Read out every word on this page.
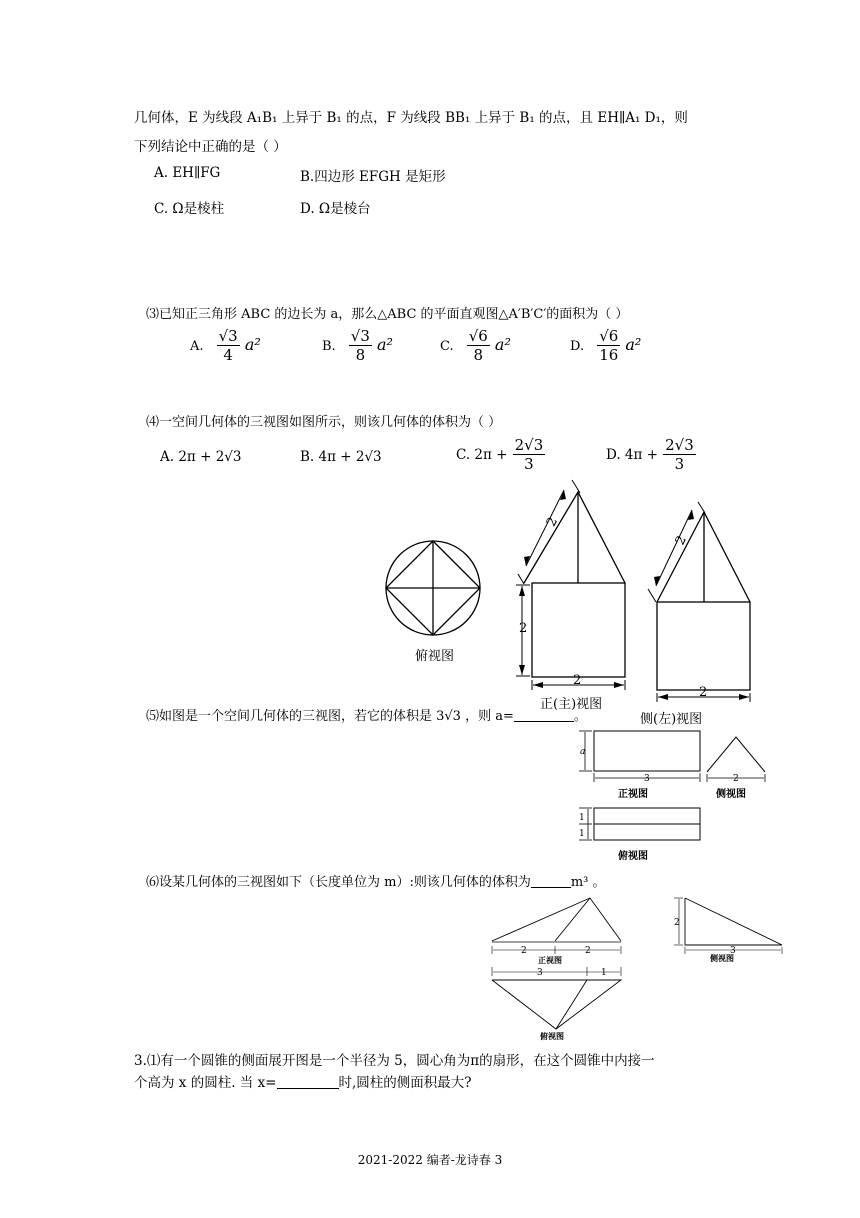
几何体，E 为线段 A₁B₁ 上异于 B₁ 的点，F 为线段 BB₁ 上异于 B₁ 的点，且 EH∥A₁ D₁，则
下列结论中正确的是（ ）
A. EH∥FG	B.四边形 EFGH 是矩形
C. Ω是棱柱	D. Ω是棱台
⑶已知正三角形 ABC 的边长为 a，那么△ABC 的平面直观图△A′B′C′的面积为（ ）
A. $\frac{√3}{4} a^2$	B. $\frac{√3}{8} a^2$	C. $\frac{√6}{8} a^2$	D. $\frac{√6}{16} a^2$
⑷一空间几何体的三视图如图所示，则该几何体的体积为（ ）
A. 2π + 2√3	B. 4π + 2√3	C. $2\pi + \frac{2√3}{3}$	D. $4\pi + \frac{2√3}{3}$
俯视图
2
2
2
正(主)视图
2
2
⑸如图是一个空间几何体的三视图，若它的体积是 3√3 ，则 a=	。	侧(左)视图
a
3
正视图
2
侧视图
1
1
俯视图
⑹设某几何体的三视图如下（长度单位为 m）:则该几何体的体积为	m³ 。
2	2
正视图
3	1
俯视图
2
3
侧视图
3.⑴有一个圆锥的侧面展开图是一个半径为 5，圆心角为π的扇形，在这个圆锥中内接一
个高为 x 的圆柱. 当 x=	时,圆柱的侧面积最大?
2021-2022 编者-龙诗春 3
